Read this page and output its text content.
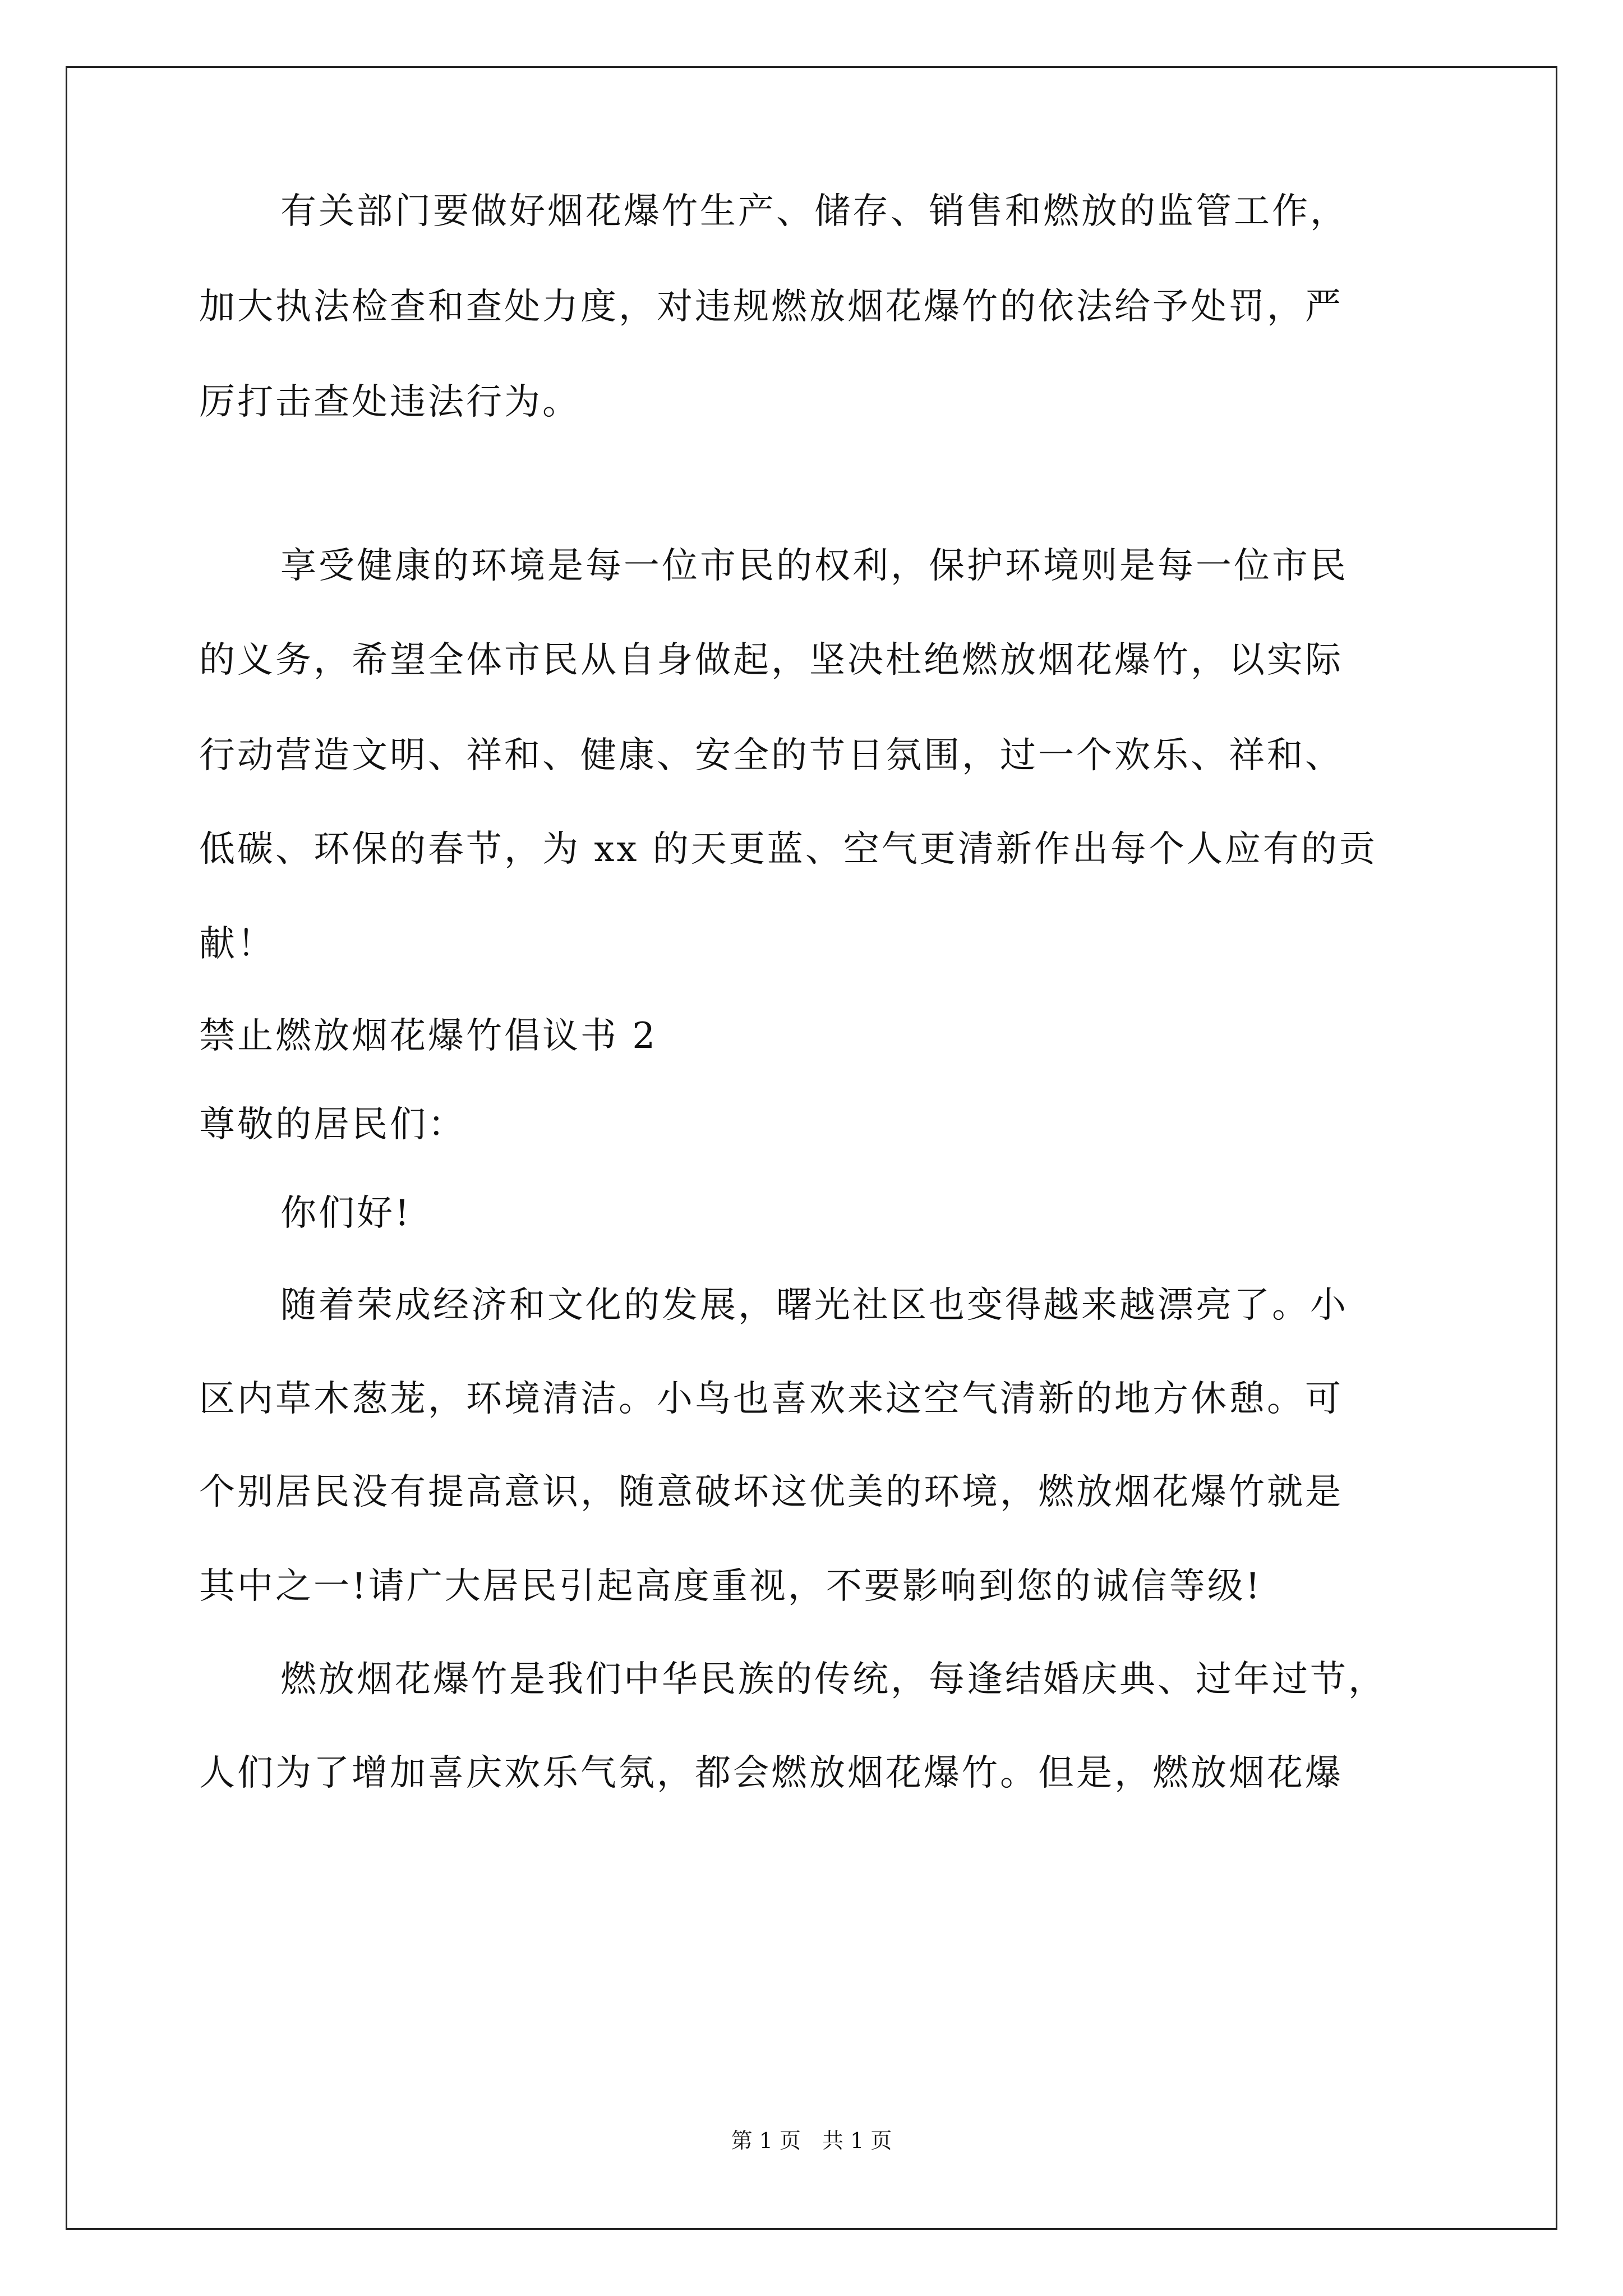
有关部门要做好烟花爆竹生产、储存、销售和燃放的监管工作，
加大执法检查和查处力度，对违规燃放烟花爆竹的依法给予处罚，严
厉打击查处违法行为。
享受健康的环境是每一位市民的权利，保护环境则是每一位市民
的义务，希望全体市民从自身做起，坚决杜绝燃放烟花爆竹，以实际
行动营造文明、祥和、健康、安全的节日氛围，过一个欢乐、祥和、
低碳、环保的春节，为 xx 的天更蓝、空气更清新作出每个人应有的贡
献！
禁止燃放烟花爆竹倡议书 2
尊敬的居民们：
你们好!
随着荣成经济和文化的发展，曙光社区也变得越来越漂亮了。小
区内草木葱茏，环境清洁。小鸟也喜欢来这空气清新的地方休憩。可
个别居民没有提高意识，随意破坏这优美的环境，燃放烟花爆竹就是
其中之一!请广大居民引起高度重视，不要影响到您的诚信等级!
燃放烟花爆竹是我们中华民族的传统，每逢结婚庆典、过年过节，
人们为了增加喜庆欢乐气氛，都会燃放烟花爆竹。但是，燃放烟花爆
第 1 页　共 1 页
